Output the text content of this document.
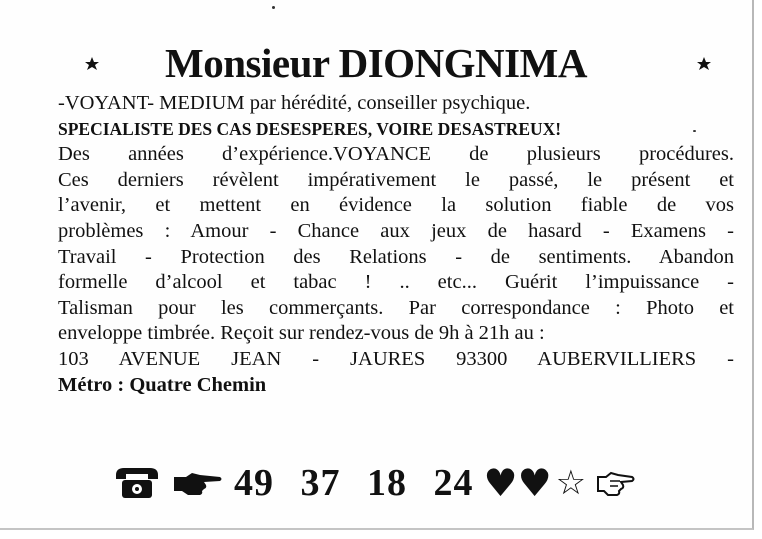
Monsieur DIONGNIMA
-VOYANT- MEDIUM par hérédité, conseiller psychique.
SPECIALISTE DES CAS DESESPERES, VOIRE DESASTREUX!
Des années d’expérience.VOYANCE de plusieurs procédures.
Ces derniers révèlent impérativement le passé, le présent et
l’avenir, et mettent en évidence la solution fiable de vos
problèmes : Amour - Chance aux jeux de hasard - Examens -
Travail - Protection des Relations - de sentiments. Abandon
formelle d’alcool et tabac ! .. etc... Guérit l’impuissance -
Talisman pour les commerçants. Par correspondance : Photo et
enveloppe timbrée. Reçoit sur rendez-vous de 9h à 21h au :
103 AVENUE JEAN - JAURES 93300 AUBERVILLIERS -
Métro : Quatre Chemin
49 37 18 24 ♥♥ ☆
